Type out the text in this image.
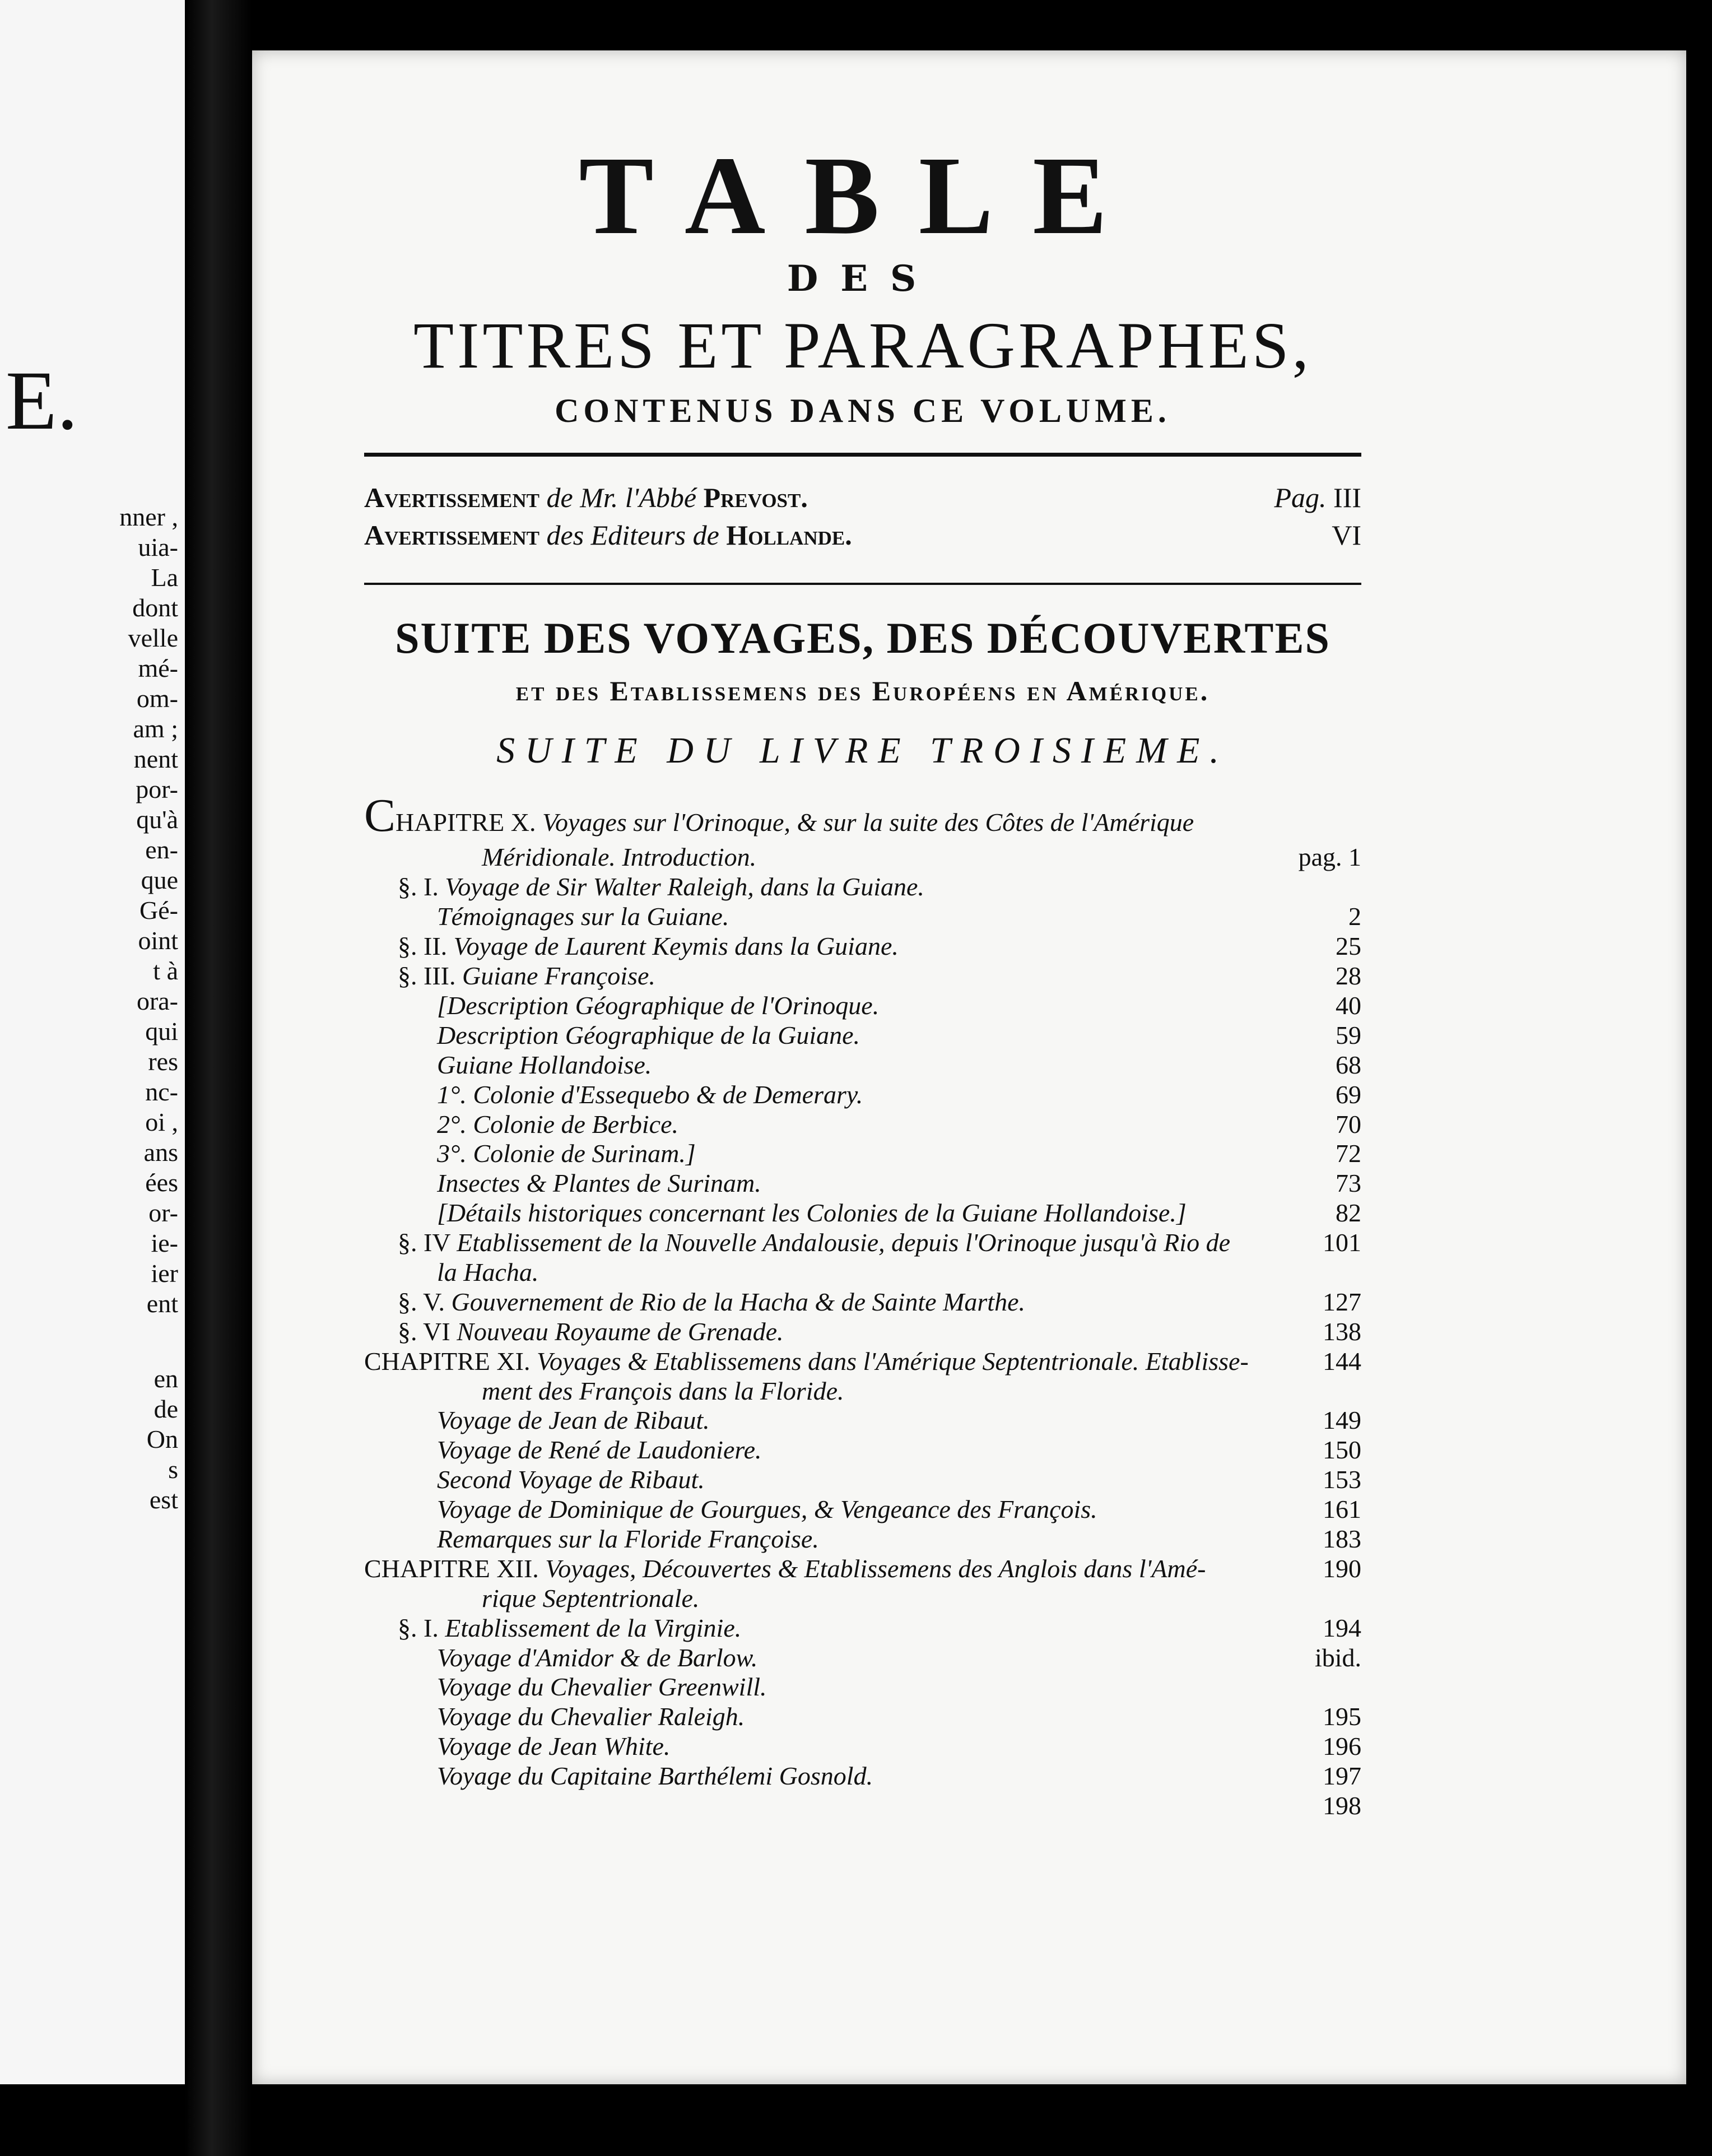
E.
nner ,
uia-
La
dont
velle
mé-
om-
am ;
nent
por-
qu'à
en-
que
Gé-
oint
t à
ora-
qui
res
nc-
oi ,
ans
ées
or-
ie-
ier
ent
en
de
On
s
est
TABLE
DES
TITRES ET PARAGRAPHES,
CONTENUS DANS CE VOLUME.
Avertissement de Mr. l'Abbé Prevost.	Pag. III
Avertissement des Editeurs de Hollande.	VI
SUITE DES VOYAGES, DES DÉCOUVERTES
et des Etablissemens des Européens en Amérique.
SUITE DU LIVRE TROISIEME.
CHAPITRE X. Voyages sur l'Orinoque, & sur la suite des Côtes de l'Amérique
Méridionale. Introduction.	pag. 1
§. I. Voyage de Sir Walter Raleigh, dans la Guiane.
Témoignages sur la Guiane.	2
§. II. Voyage de Laurent Keymis dans la Guiane.	25
§. III. Guiane Françoise.	28
[Description Géographique de l'Orinoque.	40
Description Géographique de la Guiane.	59
Guiane Hollandoise.	68
1°. Colonie d'Essequebo & de Demerary.	69
2°. Colonie de Berbice.	70
3°. Colonie de Surinam.]	72
Insectes & Plantes de Surinam.	73
[Détails historiques concernant les Colonies de la Guiane Hollandoise.]	82
§. IV Etablissement de la Nouvelle Andalousie, depuis l'Orinoque jusqu'à Rio de	101
la Hacha.
§. V. Gouvernement de Rio de la Hacha & de Sainte Marthe.	127
§. VI Nouveau Royaume de Grenade.	138
CHAPITRE XI. Voyages & Etablissemens dans l'Amérique Septentrionale. Etablisse-	144
ment des François dans la Floride.
Voyage de Jean de Ribaut.	149
Voyage de René de Laudoniere.	150
Second Voyage de Ribaut.	153
Voyage de Dominique de Gourgues, & Vengeance des François.	161
Remarques sur la Floride Françoise.	183
CHAPITRE XII. Voyages, Découvertes & Etablissemens des Anglois dans l'Amé-	190
rique Septentrionale.
§. I. Etablissement de la Virginie.	194
Voyage d'Amidor & de Barlow.	ibid.
Voyage du Chevalier Greenwill.
Voyage du Chevalier Raleigh.	195
Voyage de Jean White.	196
Voyage du Capitaine Barthélemi Gosnold.	197
198
